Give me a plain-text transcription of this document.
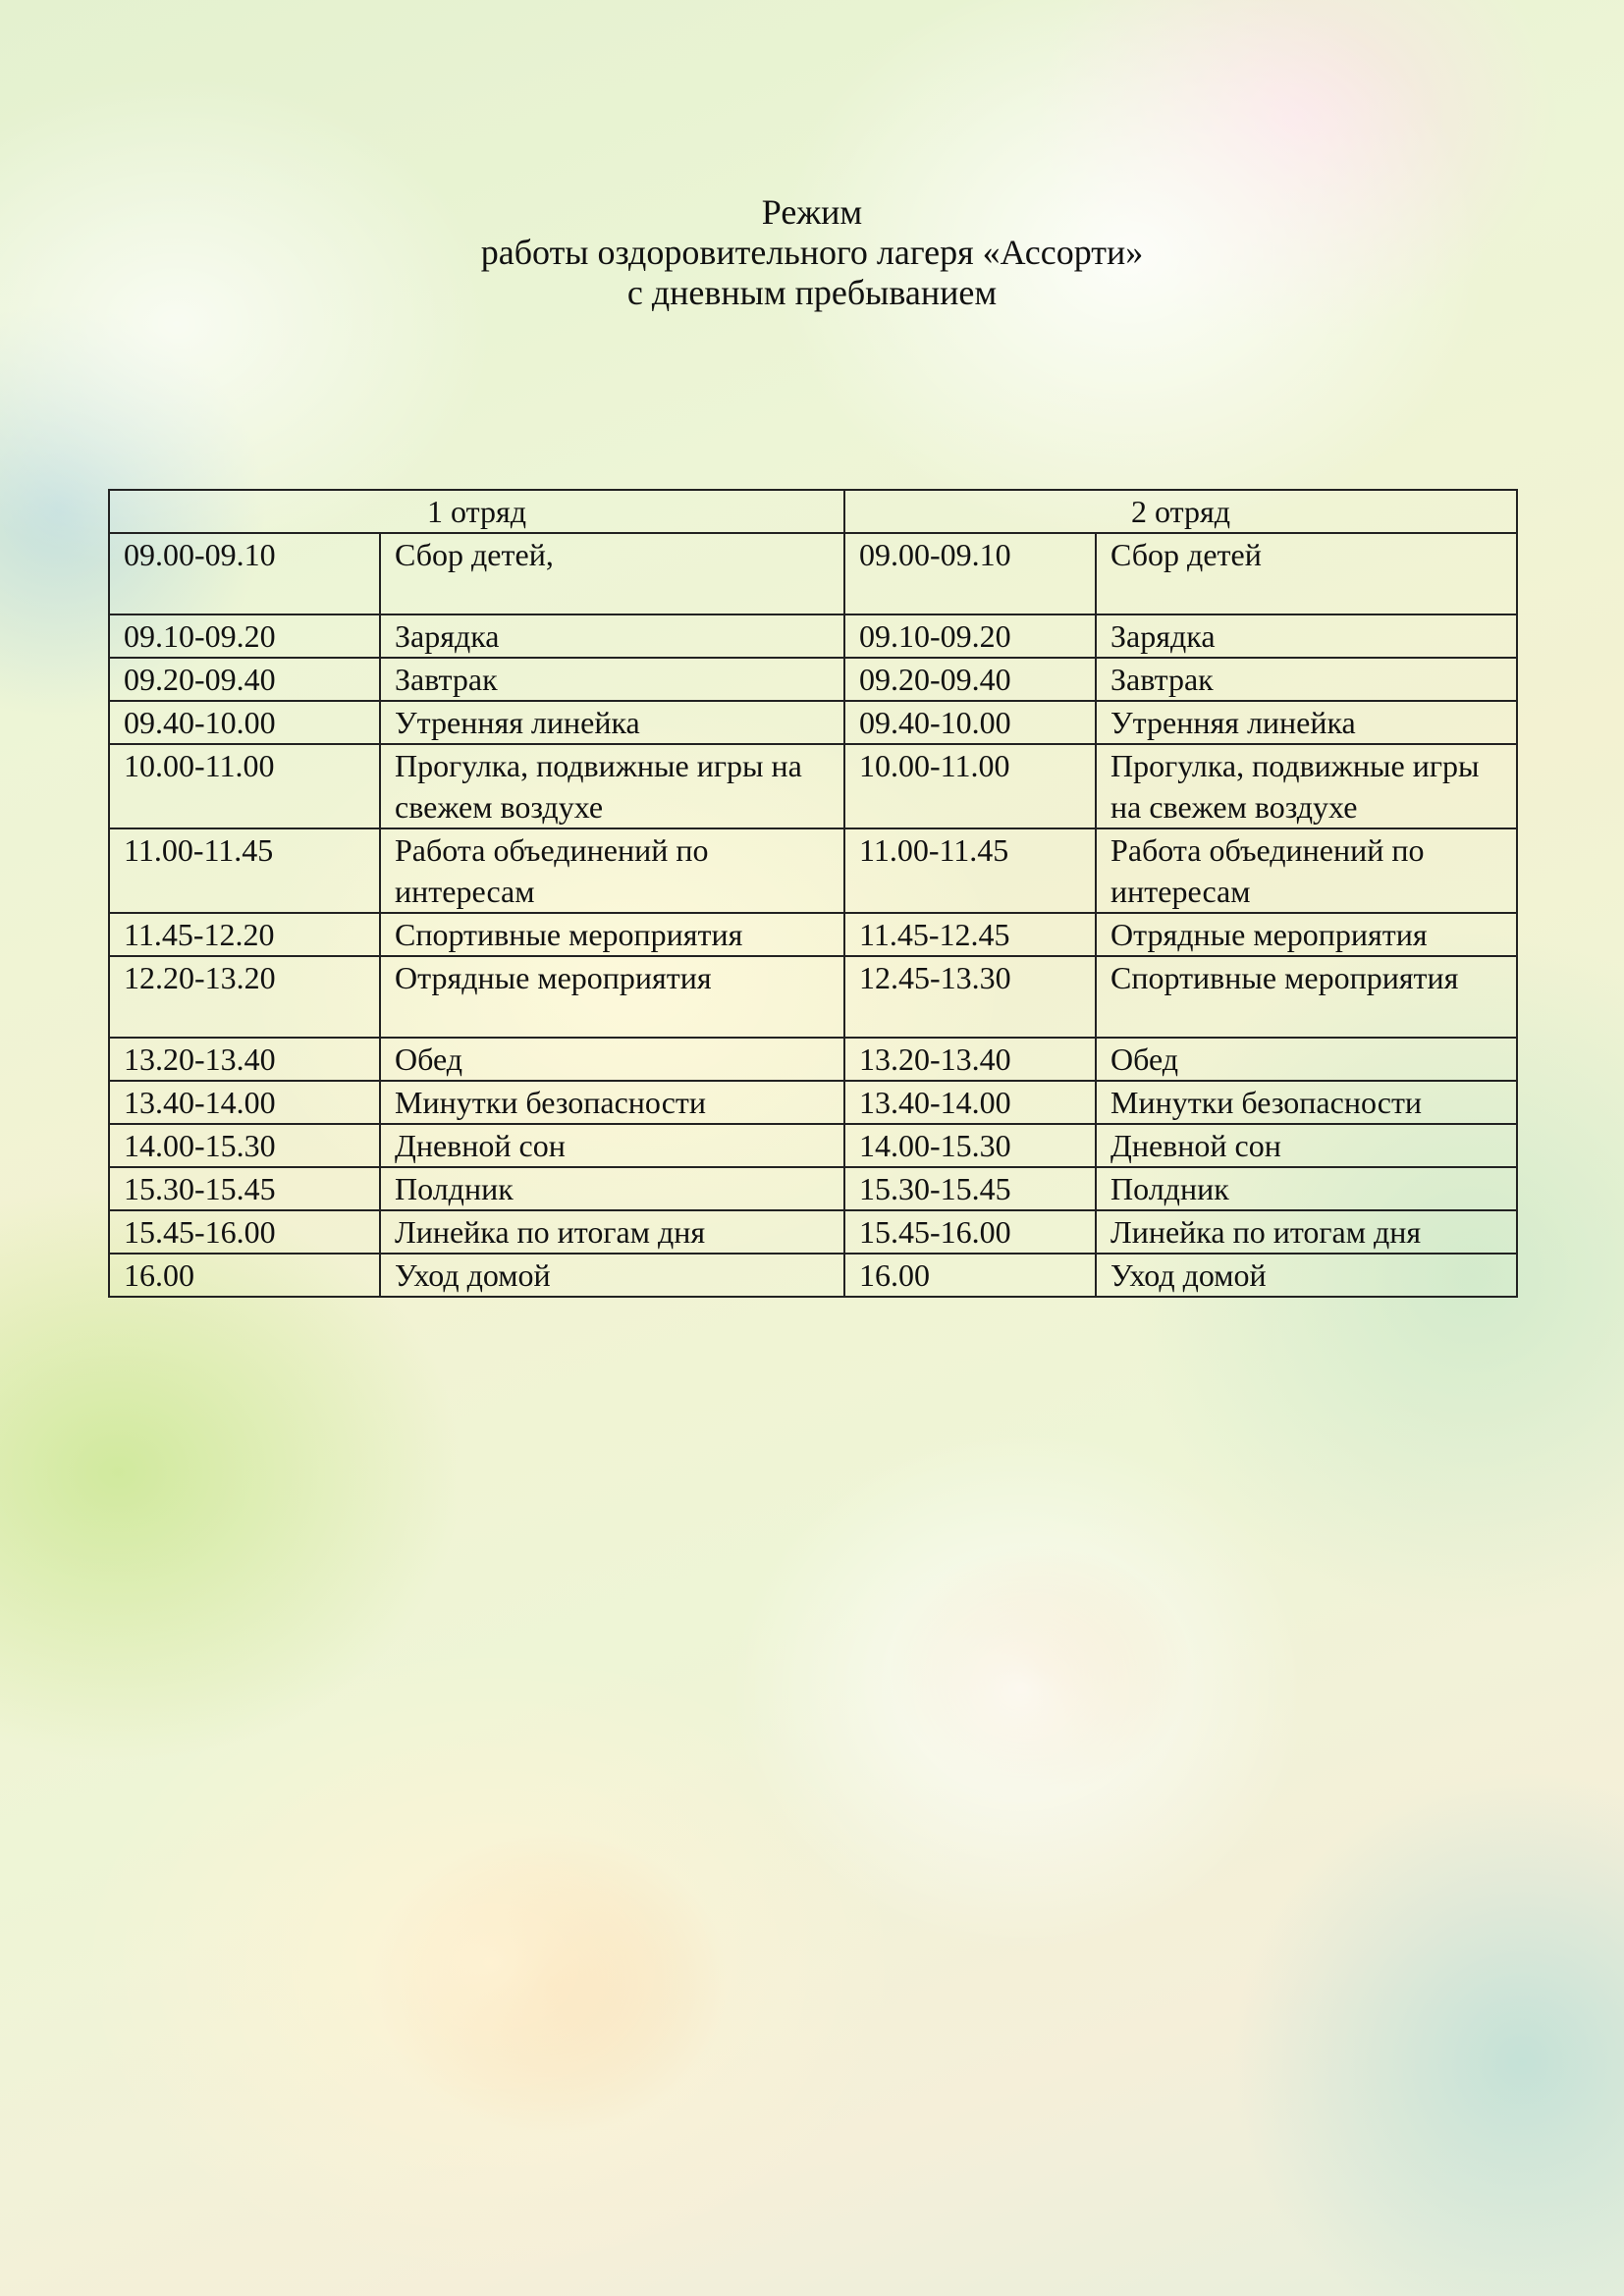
Режим
работы оздоровительного лагеря «Ассорти»
с дневным пребыванием
1 отряд		2 отряд	
09.00-09.10	Сбор детей,	09.00-09.10	Сбор детей
09.10-09.20	Зарядка	09.10-09.20	Зарядка
09.20-09.40	Завтрак	09.20-09.40	Завтрак
09.40-10.00	Утренняя линейка	09.40-10.00	Утренняя линейка
10.00-11.00	Прогулка, подвижные игры на свежем воздухе	10.00-11.00	Прогулка, подвижные игры на свежем воздухе
11.00-11.45	Работа объединений по интересам	11.00-11.45	Работа объединений по интересам
11.45-12.20	Спортивные мероприятия	11.45-12.45	Отрядные мероприятия
12.20-13.20	Отрядные мероприятия	12.45-13.30	Спортивные мероприятия
13.20-13.40	Обед	13.20-13.40	Обед
13.40-14.00	Минутки безопасности	13.40-14.00	Минутки безопасности
14.00-15.30	Дневной сон	14.00-15.30	Дневной сон
15.30-15.45	Полдник	15.30-15.45	Полдник
15.45-16.00	Линейка по итогам дня	15.45-16.00	Линейка по итогам дня
16.00	Уход домой	16.00	Уход домой
